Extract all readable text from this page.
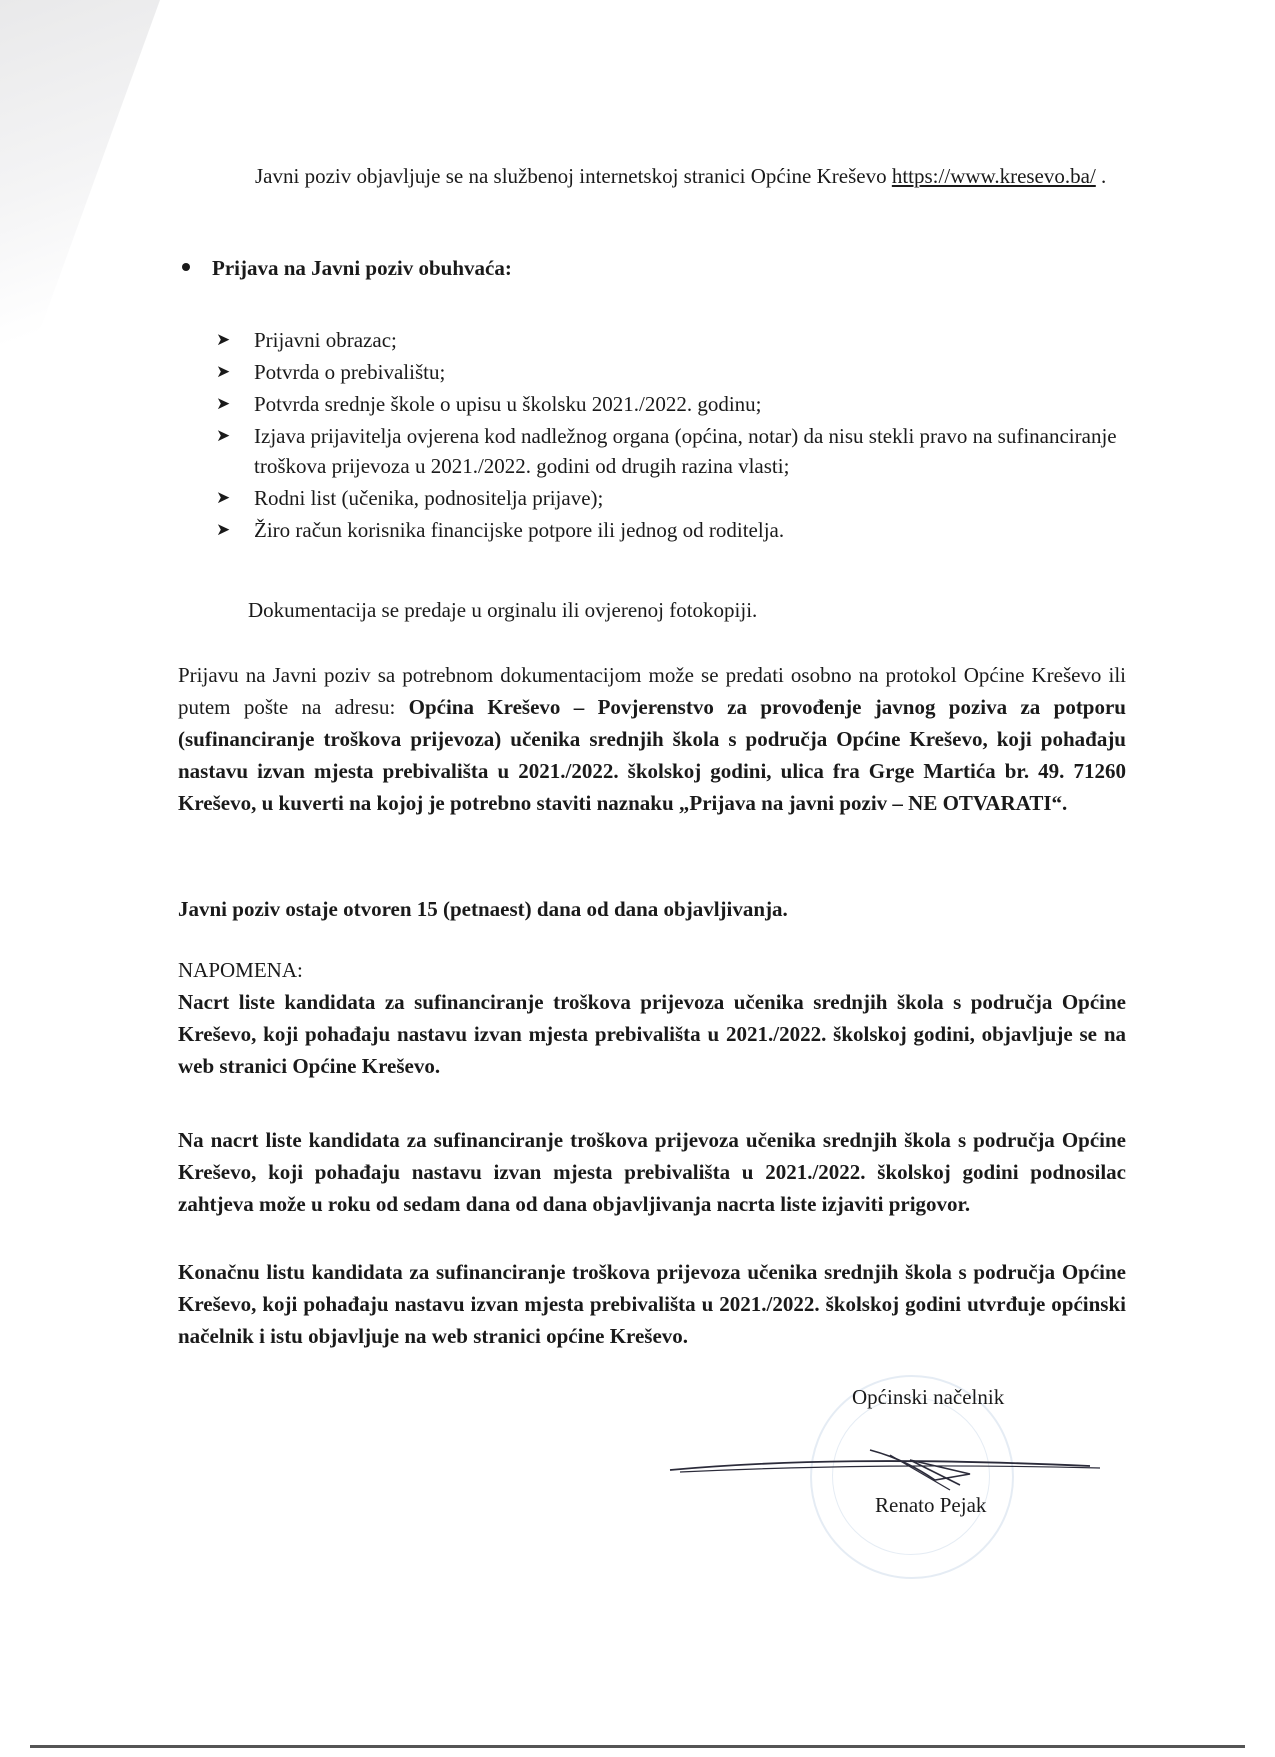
Javni poziv objavljuje se na službenoj internetskoj stranici Općine Kreševo https://www.kresevo.ba/ .
Prijava na Javni poziv obuhvaća:
➤	Prijavni obrazac;
➤	Potvrda o prebivalištu;
➤	Potvrda srednje škole o upisu u školsku 2021./2022. godinu;
➤	Izjava prijavitelja ovjerena kod nadležnog organa (općina, notar) da nisu stekli pravo na sufinanciranje troškova prijevoza u 2021./2022. godini od drugih razina vlasti;
➤	Rodni list (učenika, podnositelja prijave);
➤	Žiro račun korisnika financijske potpore ili jednog od roditelja.
Dokumentacija se predaje u orginalu ili ovjerenoj fotokopiji.
Prijavu na Javni poziv sa potrebnom dokumentacijom može se predati osobno na protokol Općine Kreševo ili putem pošte na adresu: Općina Kreševo – Povjerenstvo za provođenje javnog poziva za potporu (sufinanciranje troškova prijevoza) učenika srednjih škola s područja Općine Kreševo, koji pohađaju nastavu izvan mjesta prebivališta u 2021./2022. školskoj godini, ulica fra Grge Martića br. 49. 71260 Kreševo, u kuverti na kojoj je potrebno staviti naznaku „Prijava na javni poziv – NE OTVARATI“.
Javni poziv ostaje otvoren 15 (petnaest) dana od dana objavljivanja.
NAPOMENA:
Nacrt liste kandidata za sufinanciranje troškova prijevoza učenika srednjih škola s područja Općine Kreševo, koji pohađaju nastavu izvan mjesta prebivališta u 2021./2022. školskoj godini, objavljuje se na web stranici Općine Kreševo.
Na nacrt liste kandidata za sufinanciranje troškova prijevoza učenika srednjih škola s područja Općine Kreševo, koji pohađaju nastavu izvan mjesta prebivališta u 2021./2022. školskoj godini podnosilac zahtjeva može u roku od sedam dana od dana objavljivanja nacrta liste izjaviti prigovor.
Konačnu listu kandidata za sufinanciranje troškova prijevoza učenika srednjih škola s područja Općine Kreševo, koji pohađaju nastavu izvan mjesta prebivališta u 2021./2022. školskoj godini utvrđuje općinski načelnik i istu objavljuje na web stranici općine Kreševo.
Općinski načelnik
Renato Pejak
